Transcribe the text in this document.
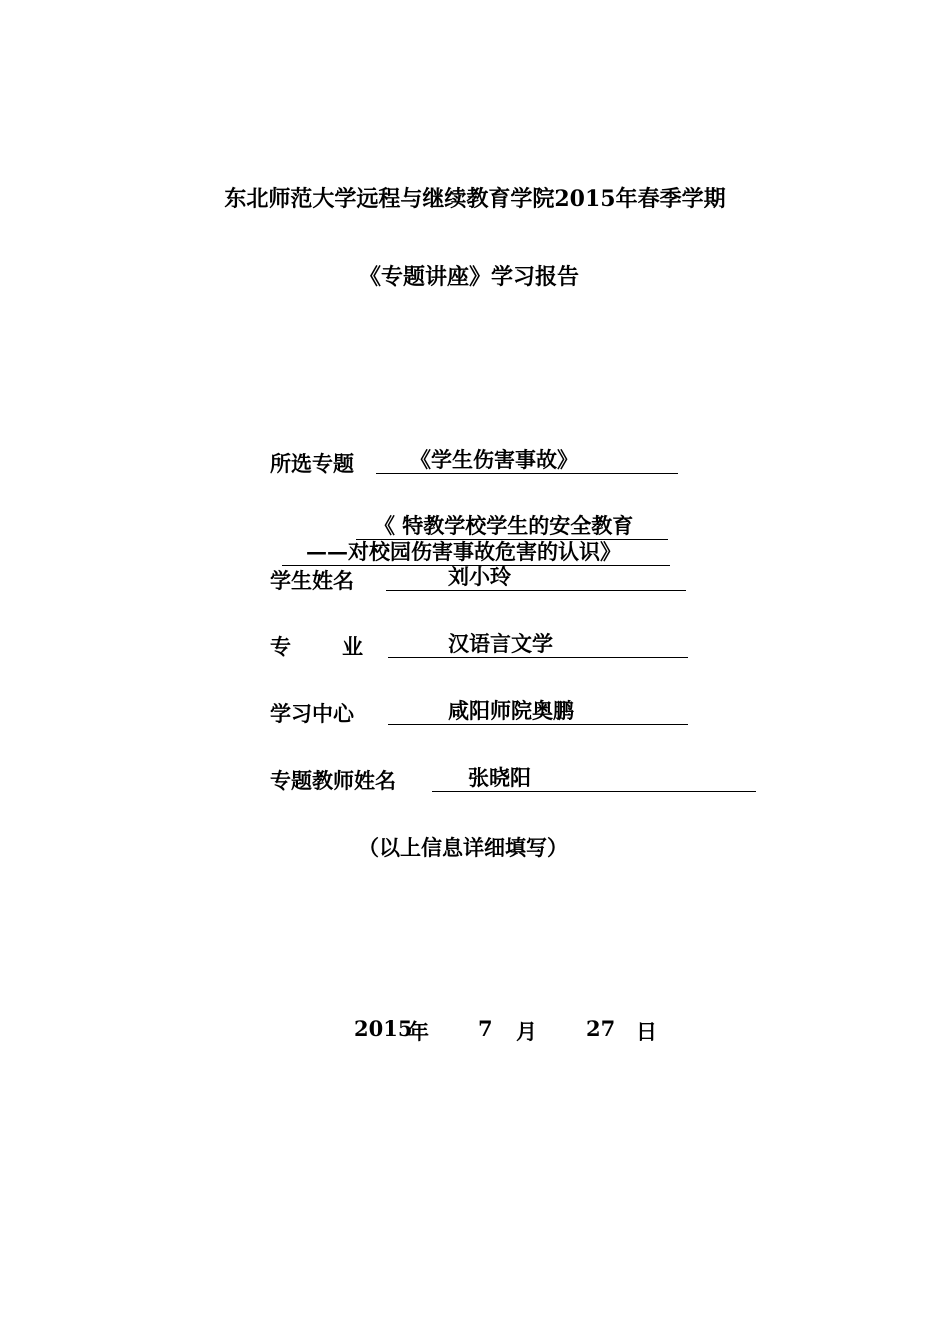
东北师范大学远程与继续教育学院2015年春季学期
《专题讲座》学习报告
所选专题	《学生伤害事故》
《 特教学校学生的安全教育
——对校园伤害事故危害的认识》
学生姓名	刘小玲
专 业	汉语言文学
学习中心	咸阳师院奥鹏
专题教师姓名	张晓阳
（以上信息详细填写）
2015
年 7 月 27 日
